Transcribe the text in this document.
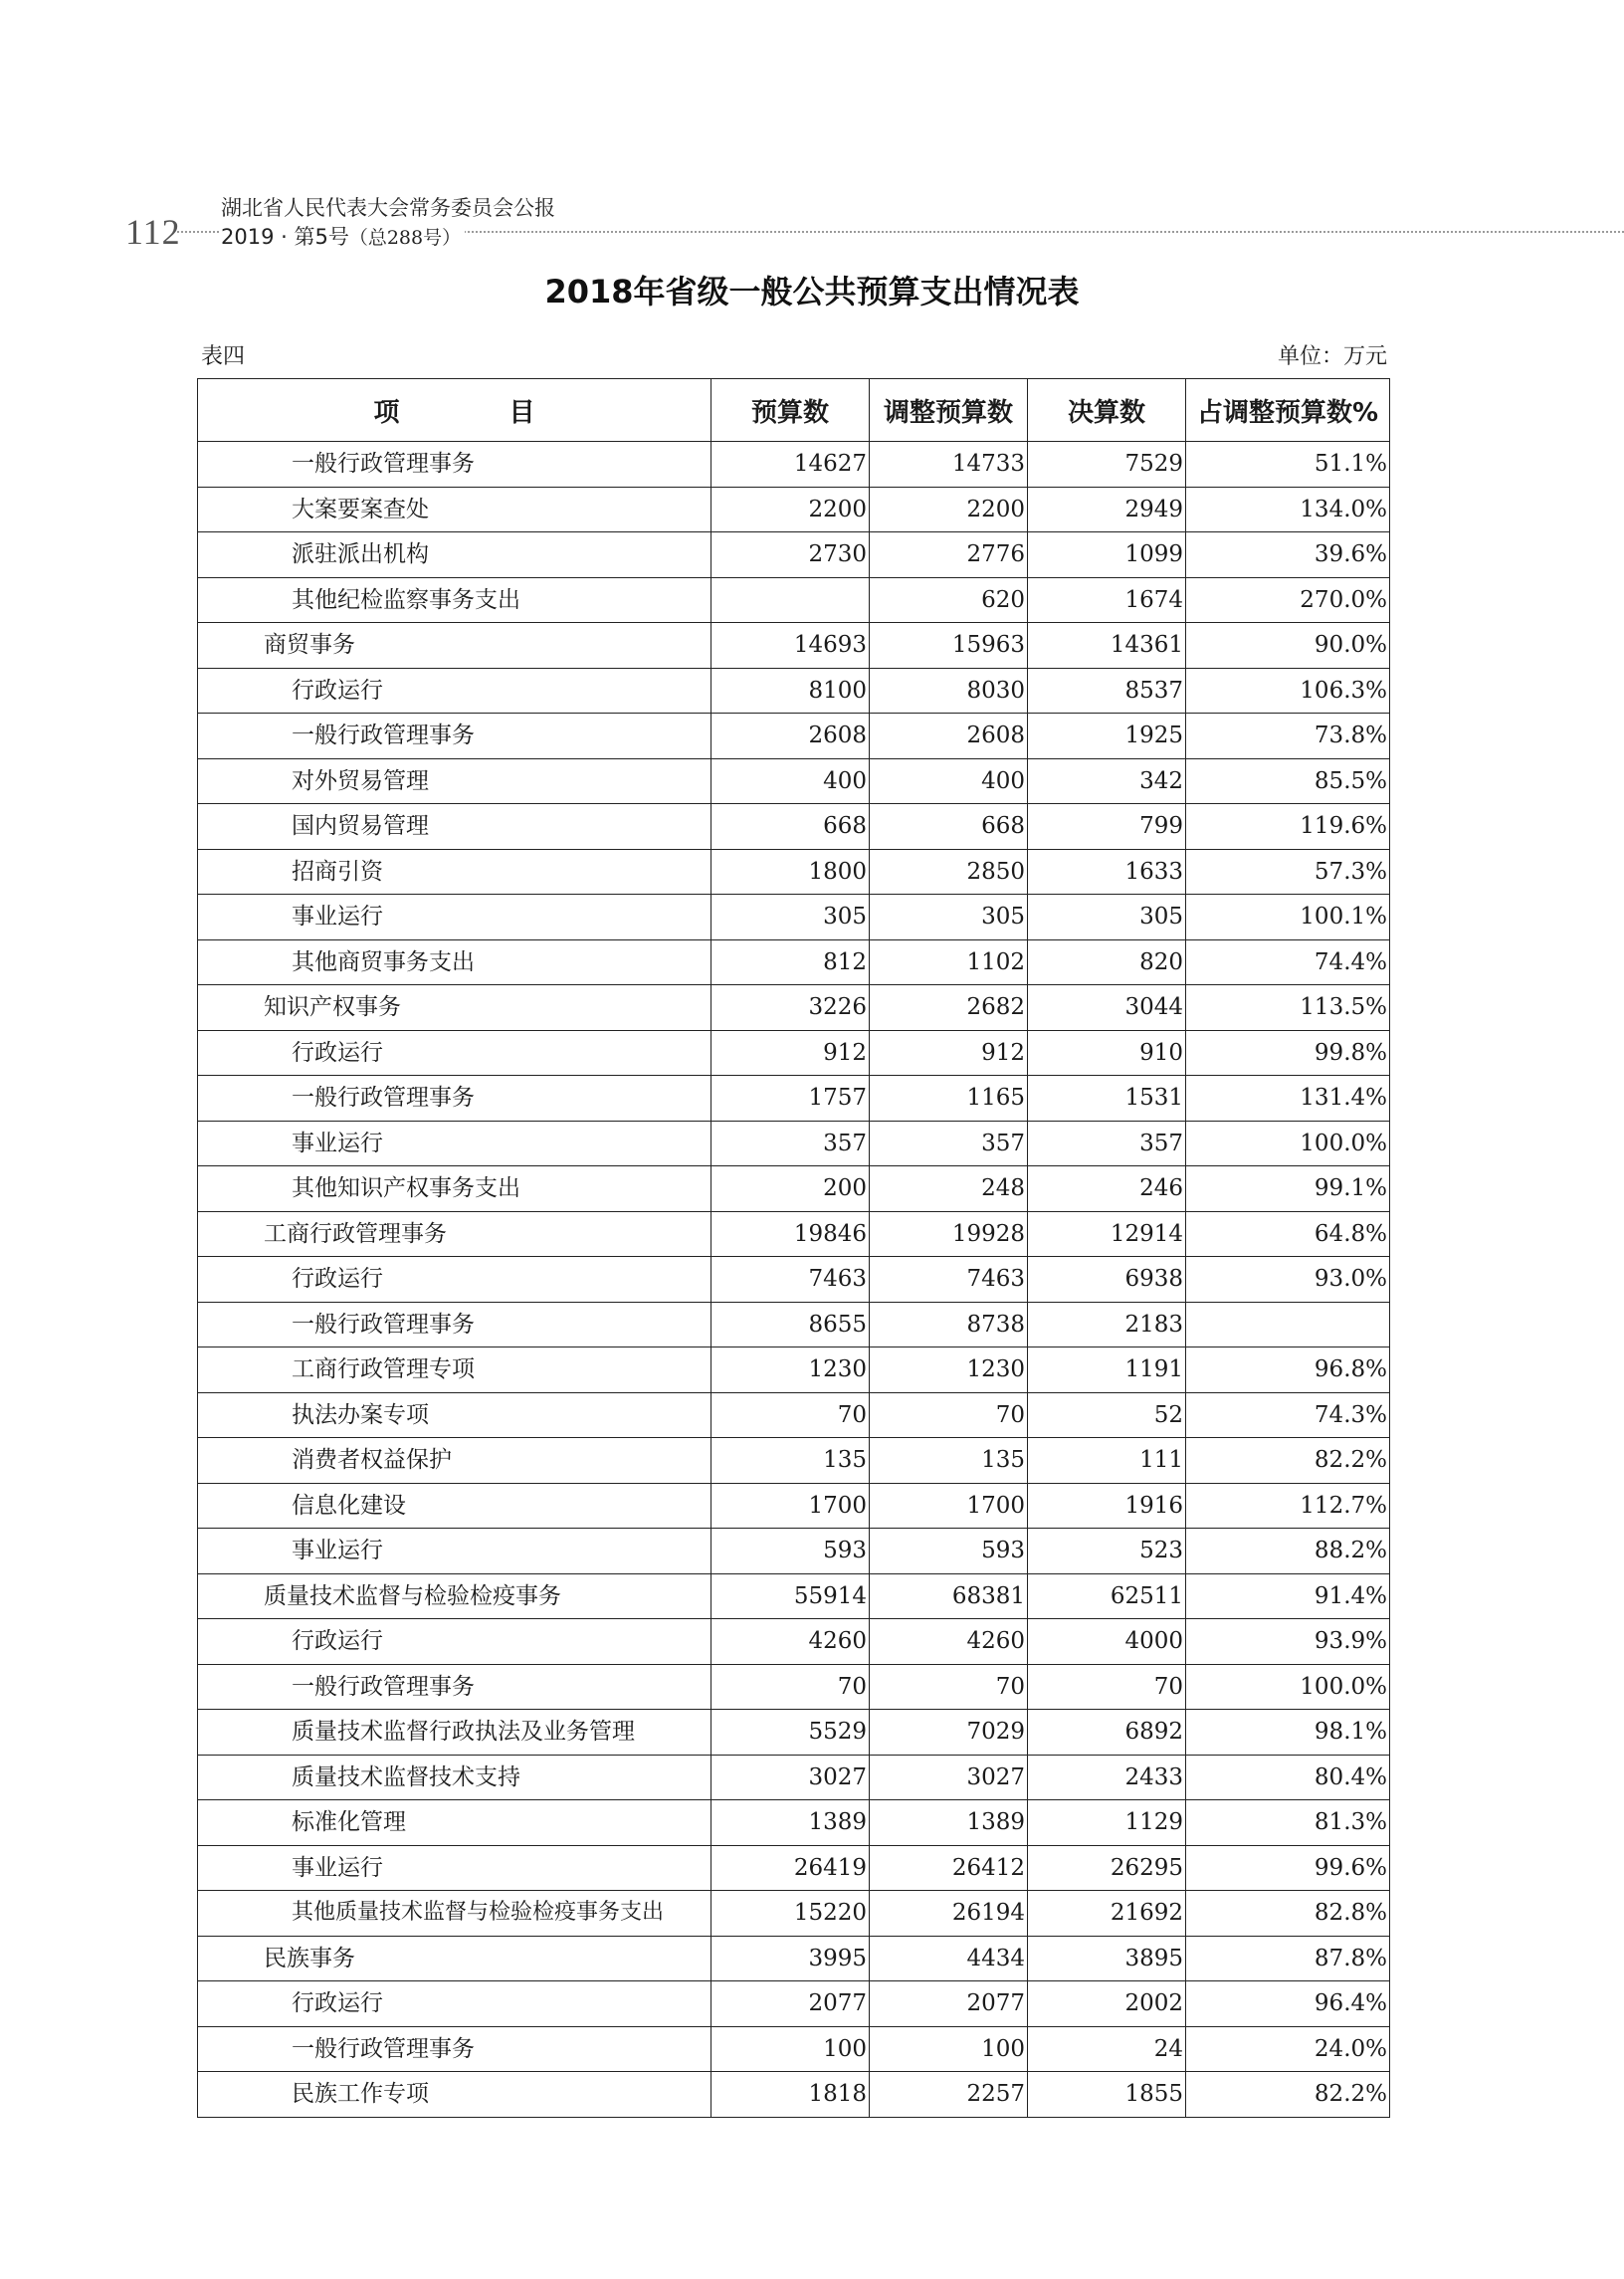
112
湖北省人民代表大会常务委员会公报
2019 · 第5号（总288号）
2018年省级一般公共预算支出情况表
表四	单位：万元
项 目	预算数	调整预算数	决算数	占调整预算数%
一般行政管理事务	14627	14733	7529	51.1%
大案要案查处	2200	2200	2949	134.0%
派驻派出机构	2730	2776	1099	39.6%
其他纪检监察事务支出		620	1674	270.0%
商贸事务	14693	15963	14361	90.0%
行政运行	8100	8030	8537	106.3%
一般行政管理事务	2608	2608	1925	73.8%
对外贸易管理	400	400	342	85.5%
国内贸易管理	668	668	799	119.6%
招商引资	1800	2850	1633	57.3%
事业运行	305	305	305	100.1%
其他商贸事务支出	812	1102	820	74.4%
知识产权事务	3226	2682	3044	113.5%
行政运行	912	912	910	99.8%
一般行政管理事务	1757	1165	1531	131.4%
事业运行	357	357	357	100.0%
其他知识产权事务支出	200	248	246	99.1%
工商行政管理事务	19846	19928	12914	64.8%
行政运行	7463	7463	6938	93.0%
一般行政管理事务	8655	8738	2183	
工商行政管理专项	1230	1230	1191	96.8%
执法办案专项	70	70	52	74.3%
消费者权益保护	135	135	111	82.2%
信息化建设	1700	1700	1916	112.7%
事业运行	593	593	523	88.2%
质量技术监督与检验检疫事务	55914	68381	62511	91.4%
行政运行	4260	4260	4000	93.9%
一般行政管理事务	70	70	70	100.0%
质量技术监督行政执法及业务管理	5529	7029	6892	98.1%
质量技术监督技术支持	3027	3027	2433	80.4%
标准化管理	1389	1389	1129	81.3%
事业运行	26419	26412	26295	99.6%
其他质量技术监督与检验检疫事务支出	15220	26194	21692	82.8%
民族事务	3995	4434	3895	87.8%
行政运行	2077	2077	2002	96.4%
一般行政管理事务	100	100	24	24.0%
民族工作专项	1818	2257	1855	82.2%
